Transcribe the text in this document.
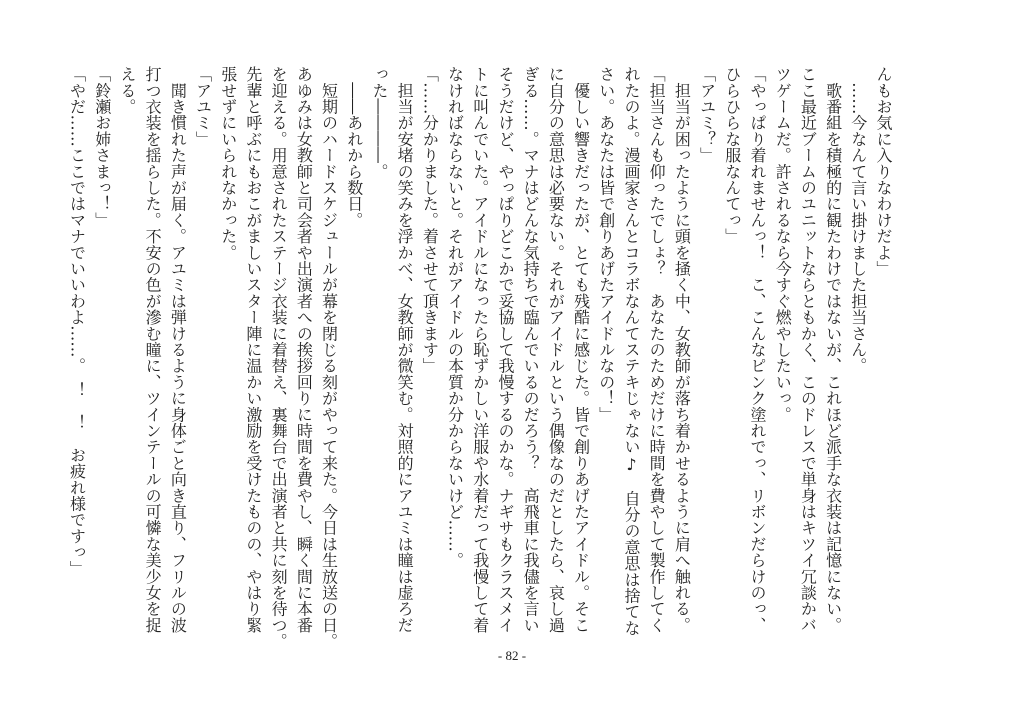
んもお気に入りなわけだよ」
　……今なんて言い掛けました担当さん。
　歌番組を積極的に観たわけではないが、これほど派手な衣装は記憶にない。
ここ最近ブームのユニットならともかく、このドレスで単身はキツイ冗談かバ
ツゲームだ。許されるなら今すぐ燃やしたいっ。
「やっぱり着れませんっ！　こ、こんなピンク塗れでっ、リボンだらけのっ、
ひらひらな服なんてっ」
「アユミ？」
　担当が困ったように頭を掻く中、女教師が落ち着かせるように肩へ触れる。
「担当さんも仰ったでしょ？　あなたのためだけに時間を費やして製作してく
れたのよ。漫画家さんとコラボなんてステキじゃない♪　自分の意思は捨てな
さい。あなたは皆で創りあげたアイドルなの！」
　優しい響きだったが、とても残酷に感じた。皆で創りあげたアイドル。そこ
に自分の意思は必要ない。それがアイドルという偶像なのだとしたら、哀し過
ぎる……。マナはどんな気持ちで臨んでいるのだろう？　高飛車に我儘を言い
そうだけど、やっぱりどこかで妥協して我慢するのかな。ナギサもクラスメイ
トに叫んでいた。アイドルになったら恥ずかしい洋服や水着だって我慢して着
なければならないと。それがアイドルの本質か分からないけど……。
「……分かりました。着させて頂きます」
　担当が安堵の笑みを浮かべ、女教師が微笑む。対照的にアユミは瞳は虚ろだ
った――――。
　――あれから数日。
　短期のハードスケジュールが幕を閉じる刻がやって来た。今日は生放送の日。
あゆみは女教師と司会者や出演者への挨拶回りに時間を費やし、瞬く間に本番
を迎える。用意されたステージ衣装に着替え、裏舞台で出演者と共に刻を待つ。
先輩と呼ぶにもおこがましいスター陣に温かい激励を受けたものの、やはり緊
張せずにいられなかった。
「アユミ」
　聞き慣れた声が届く。アユミは弾けるように身体ごと向き直り、フリルの波
打つ衣装を揺らした。不安の色が滲む瞳に、ツインテールの可憐な美少女を捉
える。
「鈴瀬お姉さまっ！」
「やだ……ここではマナでいいわよ……。　！　！　お疲れ様ですっ」
- 82 -
